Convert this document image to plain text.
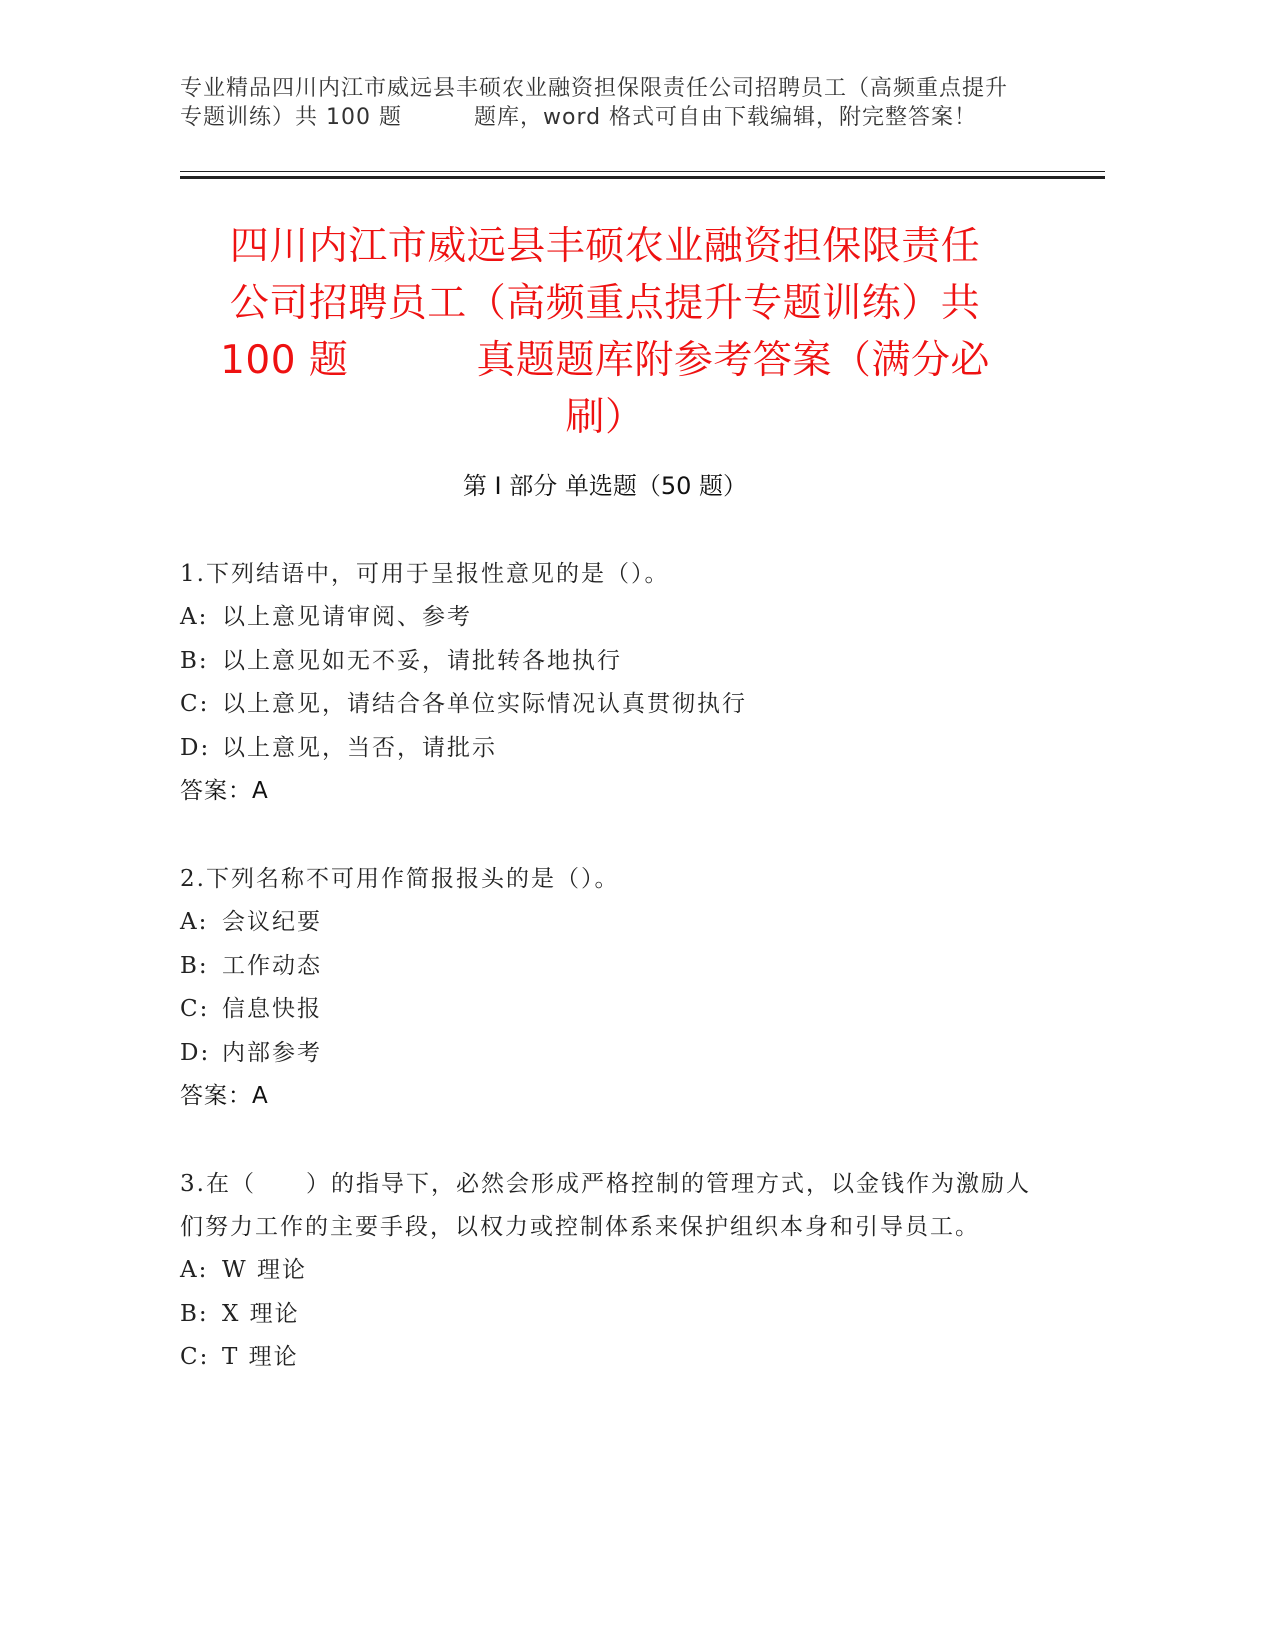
专业精品四川内江市威远县丰硕农业融资担保限责任公司招聘员工（高频重点提升
专题训练）共 100 题	题库，word 格式可自由下载编辑，附完整答案！
四川内江市威远县丰硕农业融资担保限责任
公司招聘员工（高频重点提升专题训练）共
100 题	真题题库附参考答案（满分必
刷）
第 I 部分 单选题（50 题）
1.下列结语中，可用于呈报性意见的是（）。
A: 以上意见请审阅、参考
B: 以上意见如无不妥，请批转各地执行
C: 以上意见，请结合各单位实际情况认真贯彻执行
D: 以上意见，当否，请批示
答案：A
2.下列名称不可用作简报报头的是（）。
A: 会议纪要
B: 工作动态
C: 信息快报
D: 内部参考
答案：A
3.在（　　）的指导下，必然会形成严格控制的管理方式，以金钱作为激励人们努力工作的主要手段，以权力或控制体系来保护组织本身和引导员工。
A: W 理论
B: X 理论
C: T 理论
